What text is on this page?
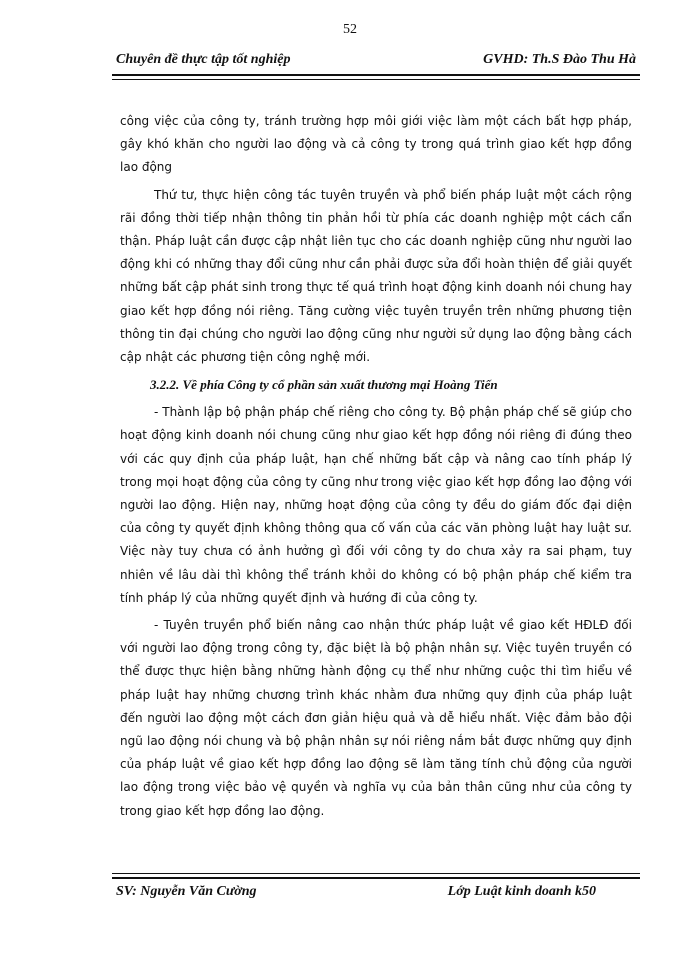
52
Chuyên đề thực tập tốt nghiệp	GVHD: Th.S Đào Thu Hà

công việc của công ty, tránh trường hợp môi giới việc làm một cách bất hợp pháp, gây khó khăn cho người lao động và cả công ty trong quá trình giao kết hợp đồng lao động

Thứ tư, thực hiện công tác tuyên truyền và phổ biến pháp luật một cách rộng rãi đồng thời tiếp nhận thông tin phản hồi từ phía các doanh nghiệp một cách cẩn thận. Pháp luật cần được cập nhật liên tục cho các doanh nghiệp cũng như người lao động khi có những thay đổi cũng như cần phải được sửa đổi hoàn thiện để giải quyết những bất cập phát sinh trong thực tế quá trình hoạt động kinh doanh nói chung hay giao kết hợp đồng nói riêng. Tăng cường việc tuyên truyền trên những phương tiện thông tin đại chúng cho người lao động cũng như người sử dụng lao động bằng cách cập nhật các phương tiện công nghệ mới.

3.2.2. Về phía Công ty cổ phần sản xuất thương mại Hoàng Tiến

- Thành lập bộ phận pháp chế riêng cho công ty. Bộ phận pháp chế sẽ giúp cho hoạt động kinh doanh nói chung cũng như giao kết hợp đồng nói riêng đi đúng theo với các quy định của pháp luật, hạn chế những bất cập và nâng cao tính pháp lý trong mọi hoạt động của công ty cũng như trong việc giao kết hợp đồng lao động với người lao động. Hiện nay, những hoạt động của công ty đều do giám đốc đại diện của công ty quyết định không thông qua cố vấn của các văn phòng luật hay luật sư. Việc này tuy chưa có ảnh hưởng gì đối với công ty do chưa xảy ra sai phạm, tuy nhiên về lâu dài thì không thể tránh khỏi do không có bộ phận pháp chế kiểm tra tính pháp lý của những quyết định và hướng đi của công ty.

- Tuyên truyền phổ biến nâng cao nhận thức pháp luật về giao kết HĐLĐ đối với người lao động trong công ty, đặc biệt là bộ phận nhân sự. Việc tuyên truyền có thể được thực hiện bằng những hành động cụ thể như những cuộc thi tìm hiểu về pháp luật hay những chương trình khác nhằm đưa những quy định của pháp luật đến người lao động một cách đơn giản hiệu quả và dễ hiểu nhất. Việc đảm bảo đội ngũ lao động nói chung và bộ phận nhân sự nói riêng nắm bắt được những quy định của pháp luật về giao kết hợp đồng lao động sẽ làm tăng tính chủ động của người lao động trong việc bảo vệ quyền và nghĩa vụ của bản thân cũng như của công ty trong giao kết hợp đồng lao động.

SV: Nguyễn Văn Cường	Lớp Luật kinh doanh k50
